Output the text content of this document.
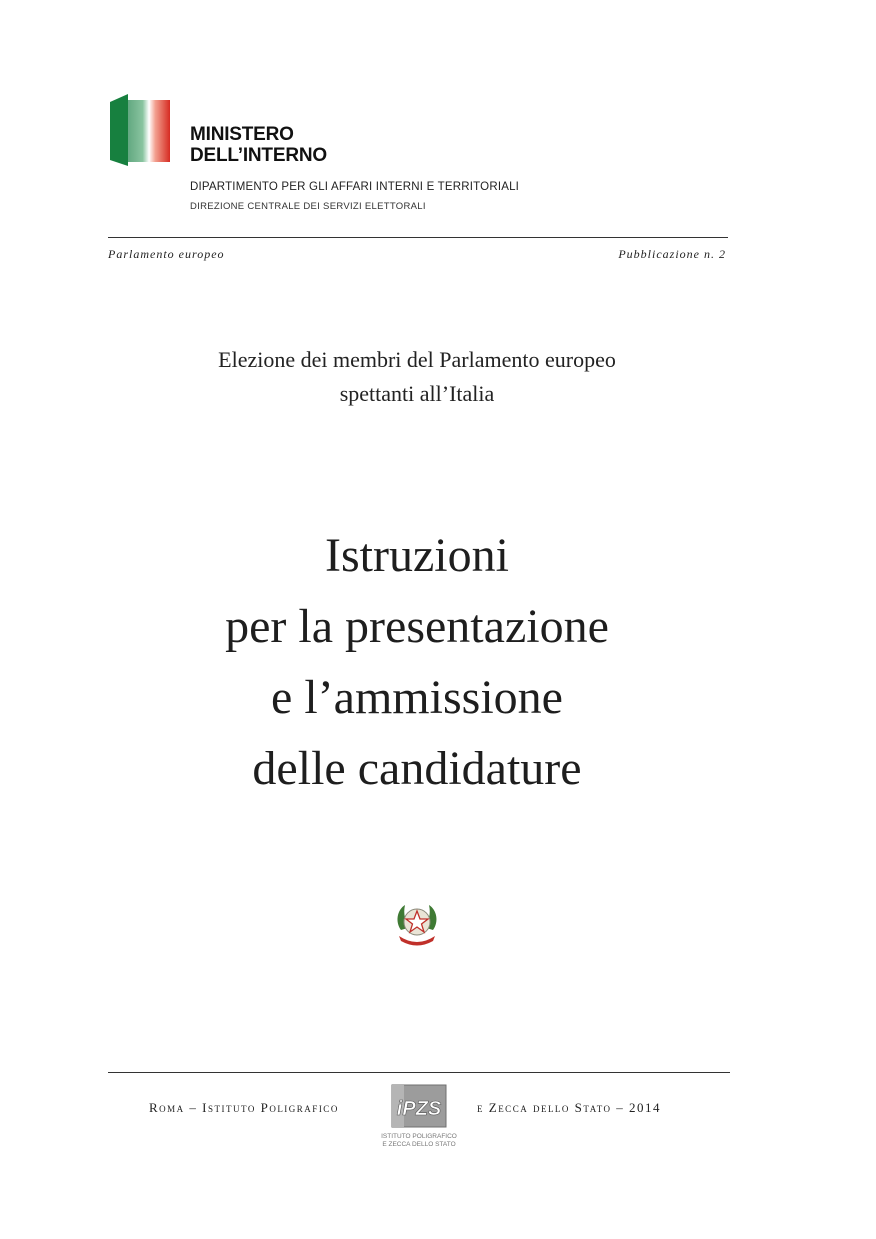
MINISTERO
DELL’INTERNO
DIPARTIMENTO PER GLI AFFARI INTERNI E TERRITORIALI
DIREZIONE CENTRALE DEI SERVIZI ELETTORALI
Parlamento europeo	Pubblicazione n. 2
Elezione dei membri del Parlamento europeo
spettanti all’Italia
Istruzioni
per la presentazione
e l’ammissione
delle candidature
Roma – Istituto Poligrafico	iPZS
ISTITUTO POLIGRAFICO
E ZECCA DELLO STATO
e Zecca dello Stato – 2014
